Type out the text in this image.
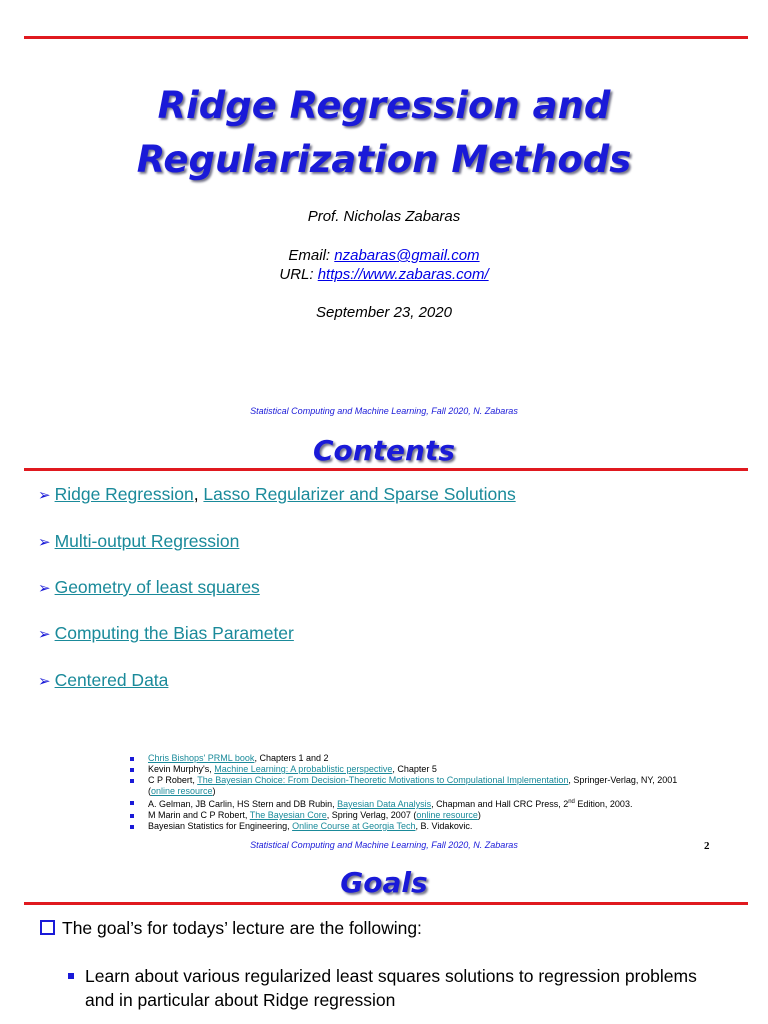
Ridge Regression and
Regularization Methods
Prof. Nicholas Zabaras
Email: nzabaras@gmail.com
URL: https://www.zabaras.com/
September 23, 2020
Statistical Computing and Machine Learning, Fall 2020, N. Zabaras
Contents
➢ Ridge Regression, Lasso Regularizer and Sparse Solutions
➢ Multi-output Regression
➢ Geometry of least squares
➢ Computing the Bias Parameter
➢ Centered Data
Chris Bishops' PRML book, Chapters 1 and 2
Kevin Murphy's, Machine Learning: A probablistic perspective, Chapter 5
C P Robert, The Bayesian Choice: From Decision-Theoretic Motivations to Compulational Implementation, Springer-Verlag, NY, 2001 (online resource)
A. Gelman, JB Carlin, HS Stern and DB Rubin, Bayesian Data Analysis, Chapman and Hall CRC Press, 2nd Edition, 2003.
M Marin and C P Robert, The Bayesian Core, Spring Verlag, 2007 (online resource)
Bayesian Statistics for Engineering, Online Course at Georgia Tech, B. Vidakovic.
Statistical Computing and Machine Learning, Fall 2020, N. Zabaras	2
Goals
The goal’s for todays’ lecture are the following:
Learn about various regularized least squares solutions to regression problems and in particular about Ridge regression
